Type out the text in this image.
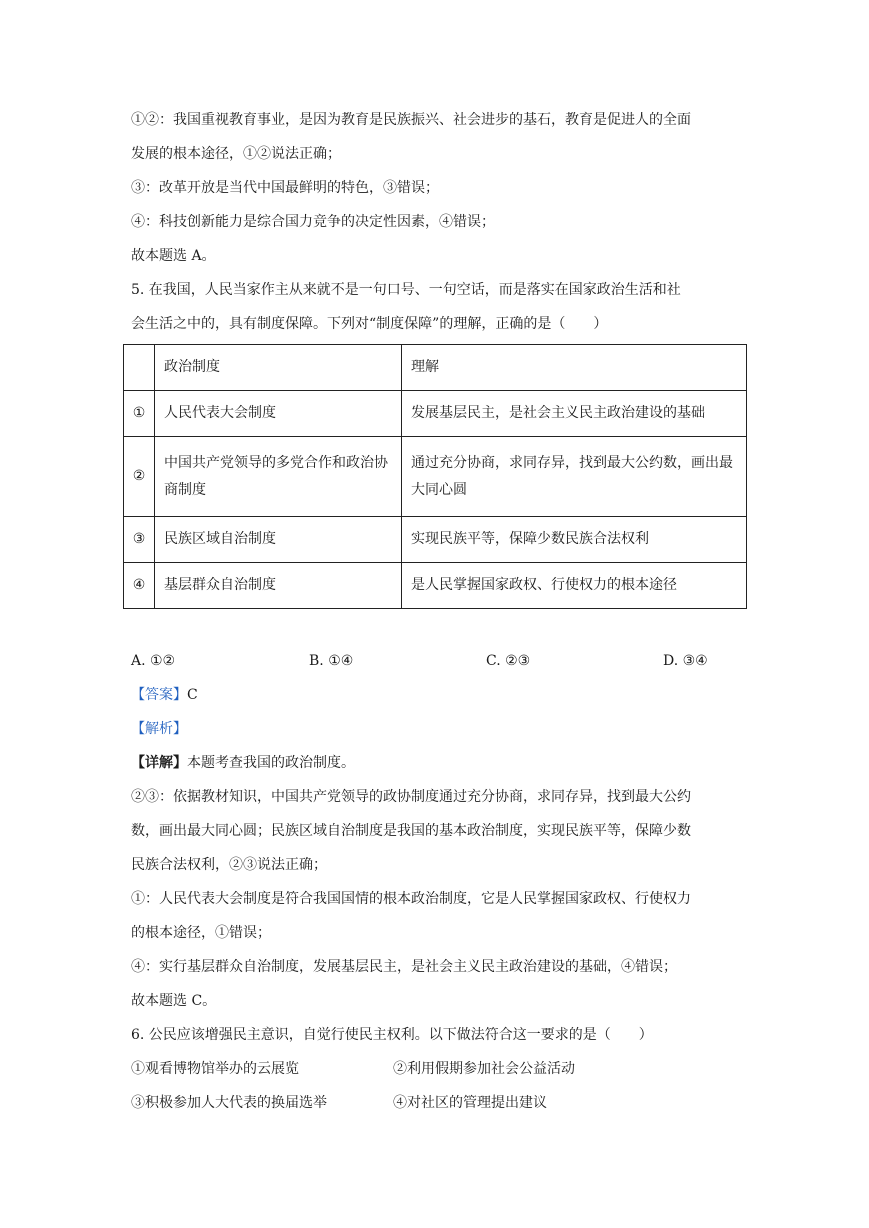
①②：我国重视教育事业，是因为教育是民族振兴、社会进步的基石，教育是促进人的全面
发展的根本途径，①②说法正确；
③：改革开放是当代中国最鲜明的特色，③错误；
④：科技创新能力是综合国力竞争的决定性因素，④错误；
故本题选 A。
5. 在我国，人民当家作主从来就不是一句口号、一句空话，而是落实在国家政治生活和社
会生活之中的，具有制度保障。下列对“制度保障”的理解，正确的是（　　）
	政治制度	理解
①	人民代表大会制度	发展基层民主，是社会主义民主政治建设的基础
②	中国共产党领导的多党合作和政治协商制度	通过充分协商，求同存异，找到最大公约数，画出最大同心圆
③	民族区域自治制度	实现民族平等，保障少数民族合法权利
④	基层群众自治制度	是人民掌握国家政权、行使权力的根本途径
A. ①②	B. ①④	C. ②③	D. ③④
【答案】C
【解析】
【详解】本题考查我国的政治制度。
②③：依据教材知识，中国共产党领导的政协制度通过充分协商，求同存异，找到最大公约
数，画出最大同心圆；民族区域自治制度是我国的基本政治制度，实现民族平等，保障少数
民族合法权利，②③说法正确；
①：人民代表大会制度是符合我国国情的根本政治制度，它是人民掌握国家政权、行使权力
的根本途径，①错误；
④：实行基层群众自治制度，发展基层民主，是社会主义民主政治建设的基础，④错误；
故本题选 C。
6. 公民应该增强民主意识，自觉行使民主权利。以下做法符合这一要求的是（　　）
①观看博物馆举办的云展览	②利用假期参加社会公益活动
③积极参加人大代表的换届选举	④对社区的管理提出建议
